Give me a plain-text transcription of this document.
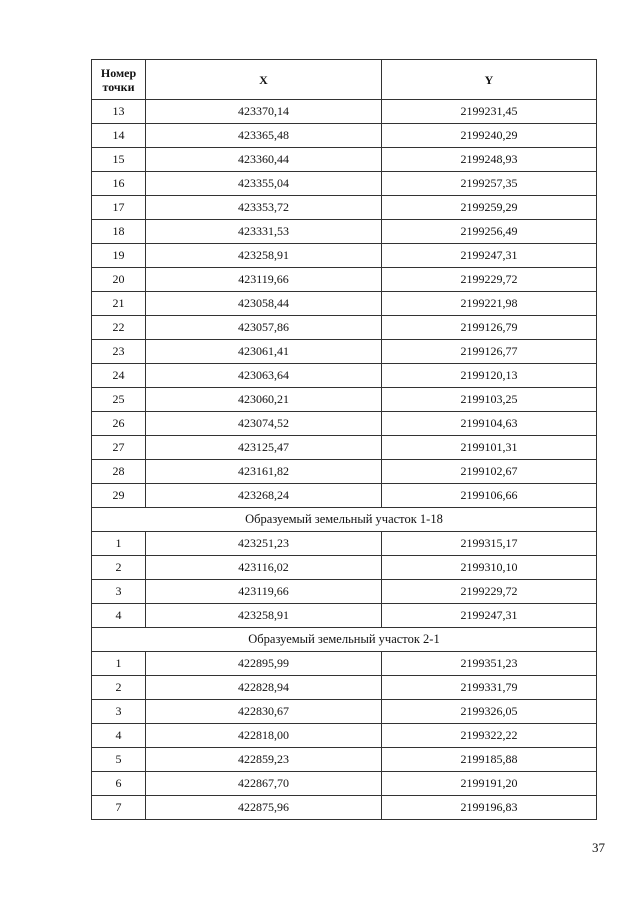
Номер точки	X	Y
13	423370,14	2199231,45
14	423365,48	2199240,29
15	423360,44	2199248,93
16	423355,04	2199257,35
17	423353,72	2199259,29
18	423331,53	2199256,49
19	423258,91	2199247,31
20	423119,66	2199229,72
21	423058,44	2199221,98
22	423057,86	2199126,79
23	423061,41	2199126,77
24	423063,64	2199120,13
25	423060,21	2199103,25
26	423074,52	2199104,63
27	423125,47	2199101,31
28	423161,82	2199102,67
29	423268,24	2199106,66
Образуемый земельный участок 1-18		
1	423251,23	2199315,17
2	423116,02	2199310,10
3	423119,66	2199229,72
4	423258,91	2199247,31
Образуемый земельный участок 2-1		
1	422895,99	2199351,23
2	422828,94	2199331,79
3	422830,67	2199326,05
4	422818,00	2199322,22
5	422859,23	2199185,88
6	422867,70	2199191,20
7	422875,96	2199196,83
37
